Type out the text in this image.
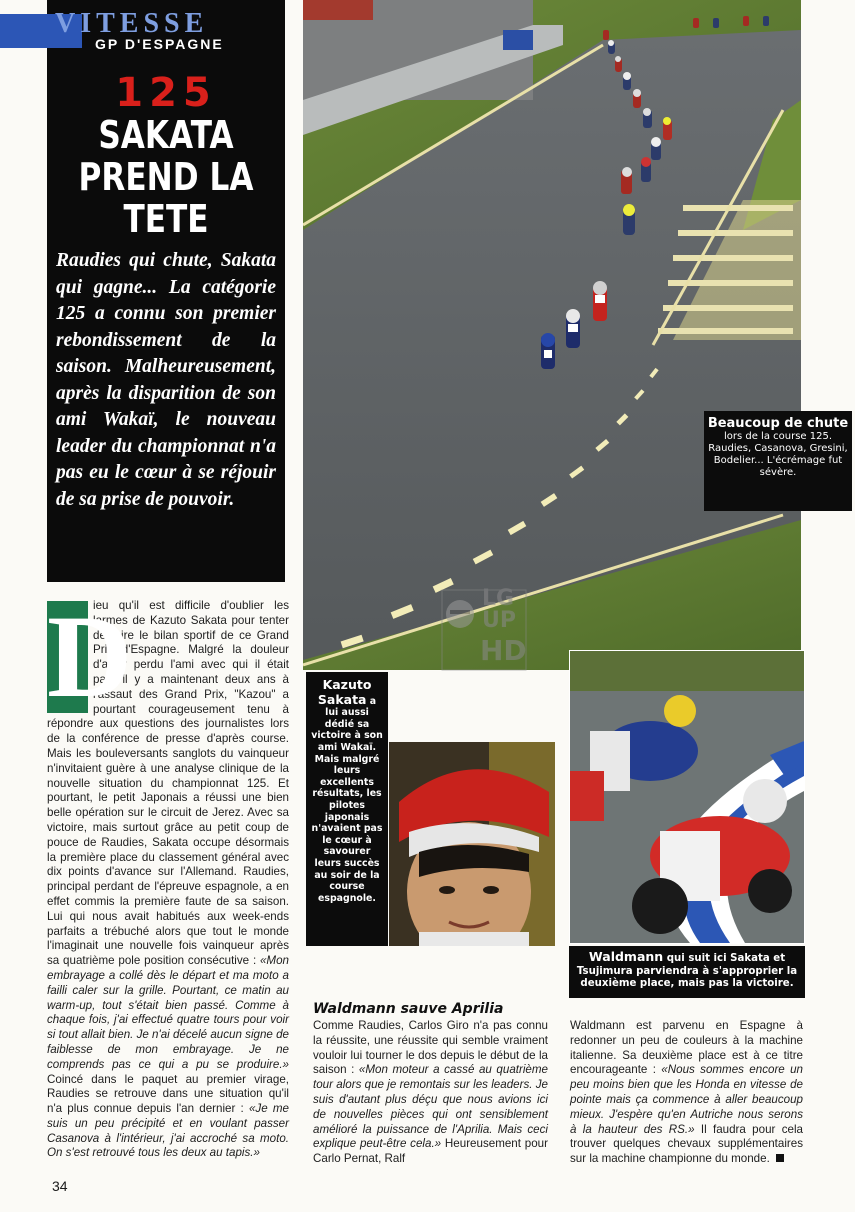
VITESSE
GP D'ESPAGNE
125
SAKATA
PREND LA
TETE
Raudies qui chute, Sakata qui gagne... La catégorie 125 a connu son premier rebondissement de la saison. Malheureusement, après la disparition de son ami Wakaï, le nouveau leader du championnat n'a pas eu le cœur à se réjouir de sa prise de pouvoir.
Beaucoup de chute lors de la course 125. Raudies, Casanova, Gresini, Bodelier... L'écrémage fut sévère.
LG
UP
HD
Kazuto Sakata a lui aussi dédié sa victoire à son ami Wakaï. Mais malgré leurs excellents résultats, les pilotes japonais n'avaient pas le cœur à savourer leurs succès au soir de la course espagnole.
Waldmann qui suit ici Sakata et Tsujimura parviendra à s'approprier la deuxième place, mais pas la victoire.
ieu qu'il est difficile d'oublier les larmes de Kazuto Sakata pour tenter de faire le bilan sportif de ce Grand Prix d'Espagne. Malgré la douleur d'avoir perdu l'ami avec qui il était parti il y a maintenant deux ans à l'assaut des Grand Prix, "Kazou" a pourtant courageusement tenu à répondre aux questions des journalistes lors de la conférence de presse d'après course. Mais les bouleversants sanglots du vainqueur n'invitaient guère à une analyse clinique de la nouvelle situation du championnat 125. Et pourtant, le petit Japonais a réussi une bien belle opération sur le circuit de Jerez. Avec sa victoire, mais surtout grâce au petit coup de pouce de Raudies, Sakata occupe désormais la première place du classement général avec dix points d'avance sur l'Allemand. Raudies, principal perdant de l'épreuve espagnole, a en effet commis la première faute de sa saison. Lui qui nous avait habitués aux week-ends parfaits a trébuché alors que tout le monde l'imaginait une nouvelle fois vainqueur après sa quatrième pole position consécutive : «Mon embrayage a collé dès le départ et ma moto a failli caler sur la grille. Pourtant, ce matin au warm-up, tout s'était bien passé. Comme à chaque fois, j'ai effectué quatre tours pour voir si tout allait bien. Je n'ai décelé aucun signe de faiblesse de mon embrayage. Je ne comprends pas ce qui a pu se produire.» Coincé dans le paquet au premier virage, Raudies se retrouve dans une situation qu'il n'a plus connue depuis l'an dernier : «Je me suis un peu précipité et en voulant passer Casanova à l'intérieur, j'ai accroché sa moto. On s'est retrouvé tous les deux au tapis.»
D
Waldmann sauve Aprilia
Comme Raudies, Carlos Giro n'a pas connu la réussite, une réussite qui semble vraiment vouloir lui tourner le dos depuis le début de la saison : «Mon moteur a cassé au quatrième tour alors que je remontais sur les leaders. Je suis d'autant plus déçu que nous avions ici de nouvelles pièces qui ont sensiblement amélioré la puissance de l'Aprilia. Mais ceci explique peut-être cela.» Heureusement pour Carlo Pernat, Ralf
Waldmann est parvenu en Espagne à redonner un peu de couleurs à la machine italienne. Sa deuxième place est à ce titre encourageante : «Nous sommes encore un peu moins bien que les Honda en vitesse de pointe mais ça commence à aller beaucoup mieux. J'espère qu'en Autriche nous serons à la hauteur des RS.» Il faudra pour cela trouver quelques chevaux supplémentaires sur la machine championne du monde.
34
